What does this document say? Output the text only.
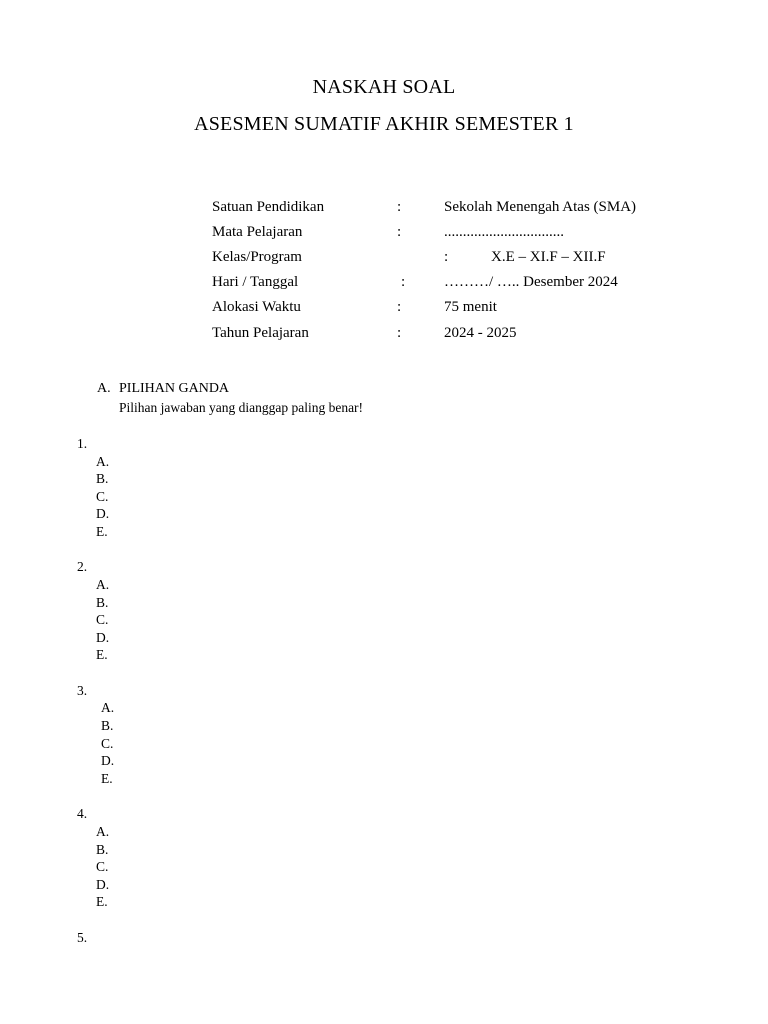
NASKAH SOAL
ASESMEN SUMATIF AKHIR SEMESTER 1
Satuan Pendidikan	:	Sekolah Menengah Atas (SMA)
Mata Pelajaran	:	................................
Kelas/Program	:	X.E – XI.F – XII.F
Hari / Tanggal	:	………/ ….. Desember 2024
Alokasi Waktu	:	75 menit
Tahun Pelajaran	:	2024 - 2025
A. PILIHAN GANDA
Pilihan jawaban yang dianggap paling benar!
1.
A.
B.
C.
D.
E.
2.
A.
B.
C.
D.
E.
3.
A.
B.
C.
D.
E.
4.
A.
B.
C.
D.
E.
5.
